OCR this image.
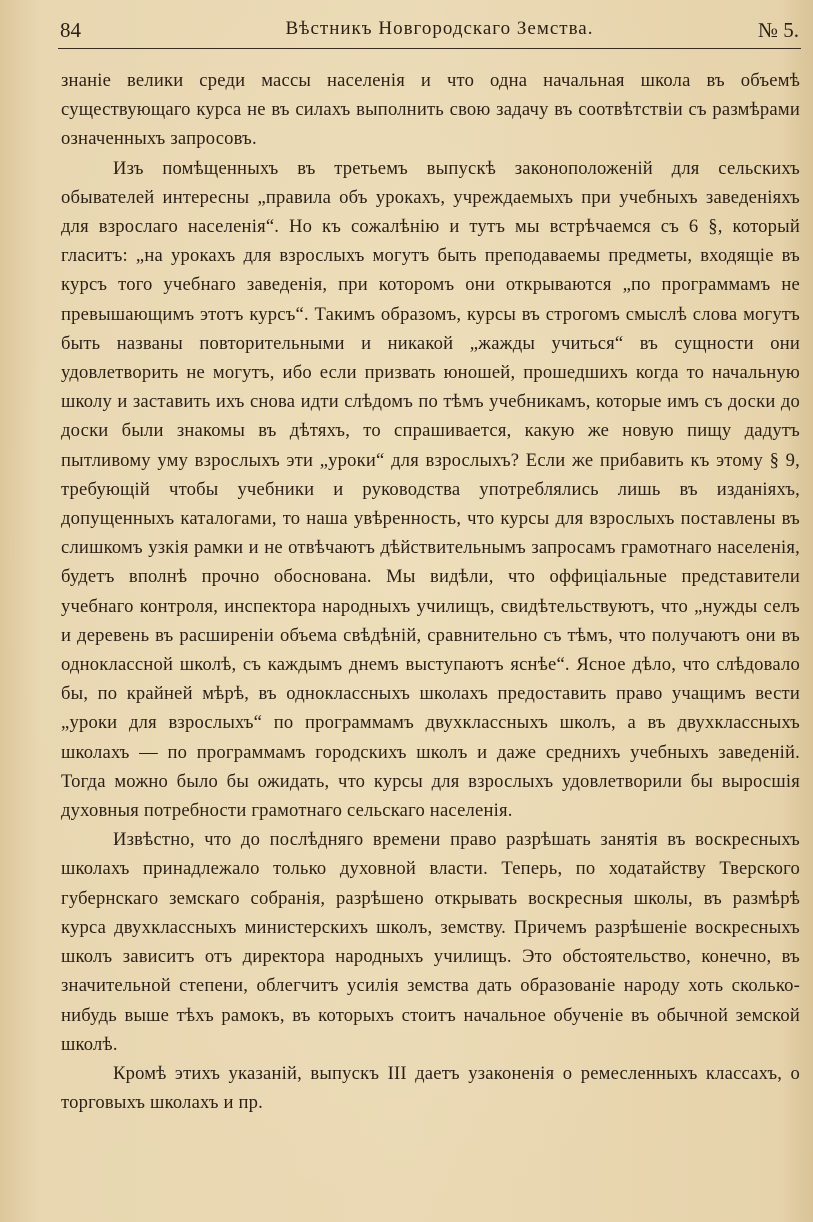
84	Вѣстникъ Новгородскаго Земства.	№ 5.

знаніе велики среди массы населенія и что одна начальная школа въ объемѣ существующаго курса не въ силахъ выполнить свою задачу въ соотвѣтствіи съ размѣрами означенныхъ запросовъ.

Изъ помѣщенныхъ въ третьемъ выпускѣ законоположеній для сельскихъ обывателей интересны „правила объ урокахъ, учреждаемыхъ при учебныхъ заведеніяхъ для взрослаго населенія“. Но къ сожалѣнію и тутъ мы встрѣчаемся съ 6 §, который гласитъ: „на урокахъ для взрослыхъ могутъ быть преподаваемы предметы, входящіе въ курсъ того учебнаго заведенія, при которомъ они открываются „по программамъ не превышающимъ этотъ курсъ“. Такимъ образомъ, курсы въ строгомъ смыслѣ слова могутъ быть названы повторительными и никакой „жажды учиться“ въ сущности они удовлетворить не могутъ, ибо если призвать юношей, прошедшихъ когда то начальную школу и заставить ихъ снова идти слѣдомъ по тѣмъ учебникамъ, которые имъ съ доски до доски были знакомы въ дѣтяхъ, то спрашивается, какую же новую пищу дадутъ пытливому уму взрослыхъ эти „уроки“ для взрослыхъ? Если же прибавить къ этому § 9, требующій чтобы учебники и руководства употреблялись лишь въ изданіяхъ, допущенныхъ каталогами, то наша увѣренность, что курсы для взрослыхъ поставлены въ слишкомъ узкія рамки и не отвѣчаютъ дѣйствительнымъ запросамъ грамотнаго населенія, будетъ вполнѣ прочно обоснована. Мы видѣли, что оффиціальные представители учебнаго контроля, инспектора народныхъ училищъ, свидѣтельствуютъ, что „нужды селъ и деревень въ расширеніи объема свѣдѣній, сравнительно съ тѣмъ, что получаютъ они въ одноклассной школѣ, съ каждымъ днемъ выступаютъ яснѣе“. Ясное дѣло, что слѣдовало бы, по крайней мѣрѣ, въ одноклассныхъ школахъ предоставить право учащимъ вести „уроки для взрослыхъ“ по программамъ двухклассныхъ школъ, а въ двухклассныхъ школахъ — по программамъ городскихъ школъ и даже среднихъ учебныхъ заведеній. Тогда можно было бы ожидать, что курсы для взрослыхъ удовлетворили бы выросшія духовныя потребности грамотнаго сельскаго населенія.

Извѣстно, что до послѣдняго времени право разрѣшать занятія въ воскресныхъ школахъ принадлежало только духовной власти. Теперь, по ходатайству Тверского губернскаго земскаго собранія, разрѣшено открывать воскресныя школы, въ размѣрѣ курса двухклассныхъ министерскихъ школъ, земству. Причемъ разрѣшеніе воскресныхъ школъ зависитъ отъ директора народныхъ училищъ. Это обстоятельство, конечно, въ значительной степени, облегчитъ усилія земства дать образованіе народу хоть сколько-нибудь выше тѣхъ рамокъ, въ которыхъ стоитъ начальное обученіе въ обычной земской школѣ.

Кромѣ этихъ указаній, выпускъ III даетъ узаконенія о ремесленныхъ классахъ, о торговыхъ школахъ и пр.
